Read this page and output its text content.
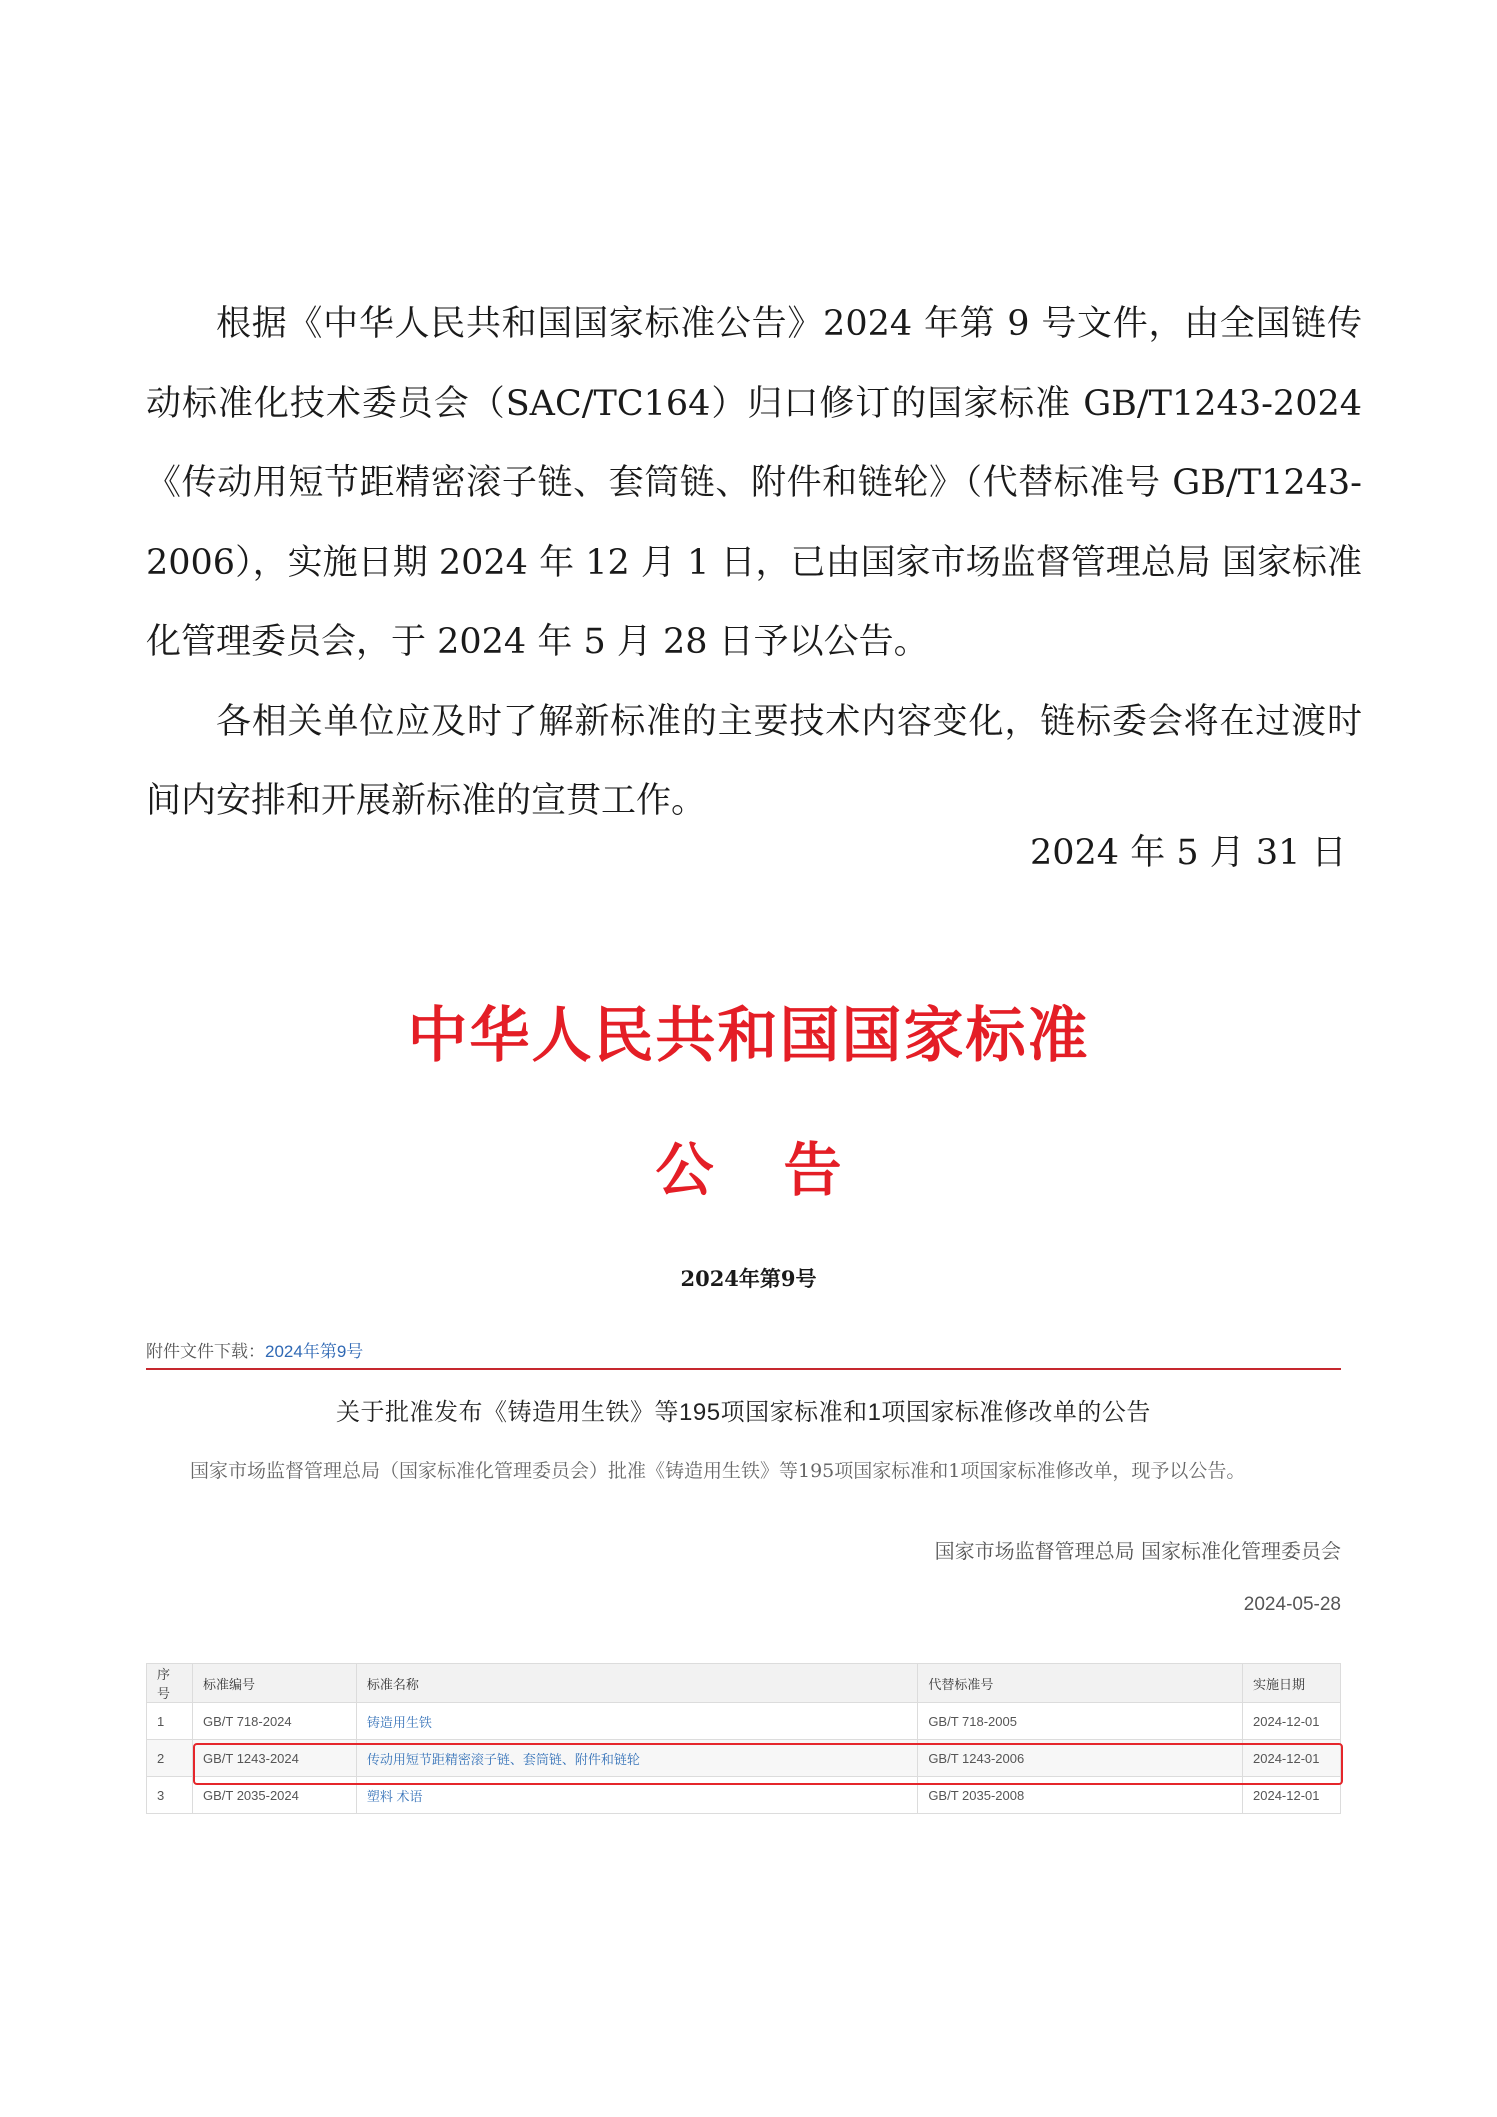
根据《中华人民共和国国家标准公告》2024 年第 9 号文件，由全国链传动标准化技术委员会（SAC/TC164）归口修订的国家标准 GB/T1243-2024《传动用短节距精密滚子链、套筒链、附件和链轮》（代替标准号 GB/T1243-2006），实施日期 2024 年 12 月 1 日，已由国家市场监督管理总局 国家标准化管理委员会，于 2024 年 5 月 28 日予以公告。

各相关单位应及时了解新标准的主要技术内容变化，链标委会将在过渡时间内安排和开展新标准的宣贯工作。

2024 年 5 月 31 日
中华人民共和国国家标准
公告
2024年第9号
附件文件下载：2024年第9号
关于批准发布《铸造用生铁》等195项国家标准和1项国家标准修改单的公告
国家市场监督管理总局（国家标准化管理委员会）批准《铸造用生铁》等195项国家标准和1项国家标准修改单，现予以公告。
国家市场监督管理总局 国家标准化管理委员会
2024-05-28
序号	标准编号	标准名称	代替标准号	实施日期
1	GB/T 718-2024	铸造用生铁	GB/T 718-2005	2024-12-01
2	GB/T 1243-2024	传动用短节距精密滚子链、套筒链、附件和链轮	GB/T 1243-2006	2024-12-01
3	GB/T 2035-2024	塑料 术语	GB/T 2035-2008	2024-12-01
